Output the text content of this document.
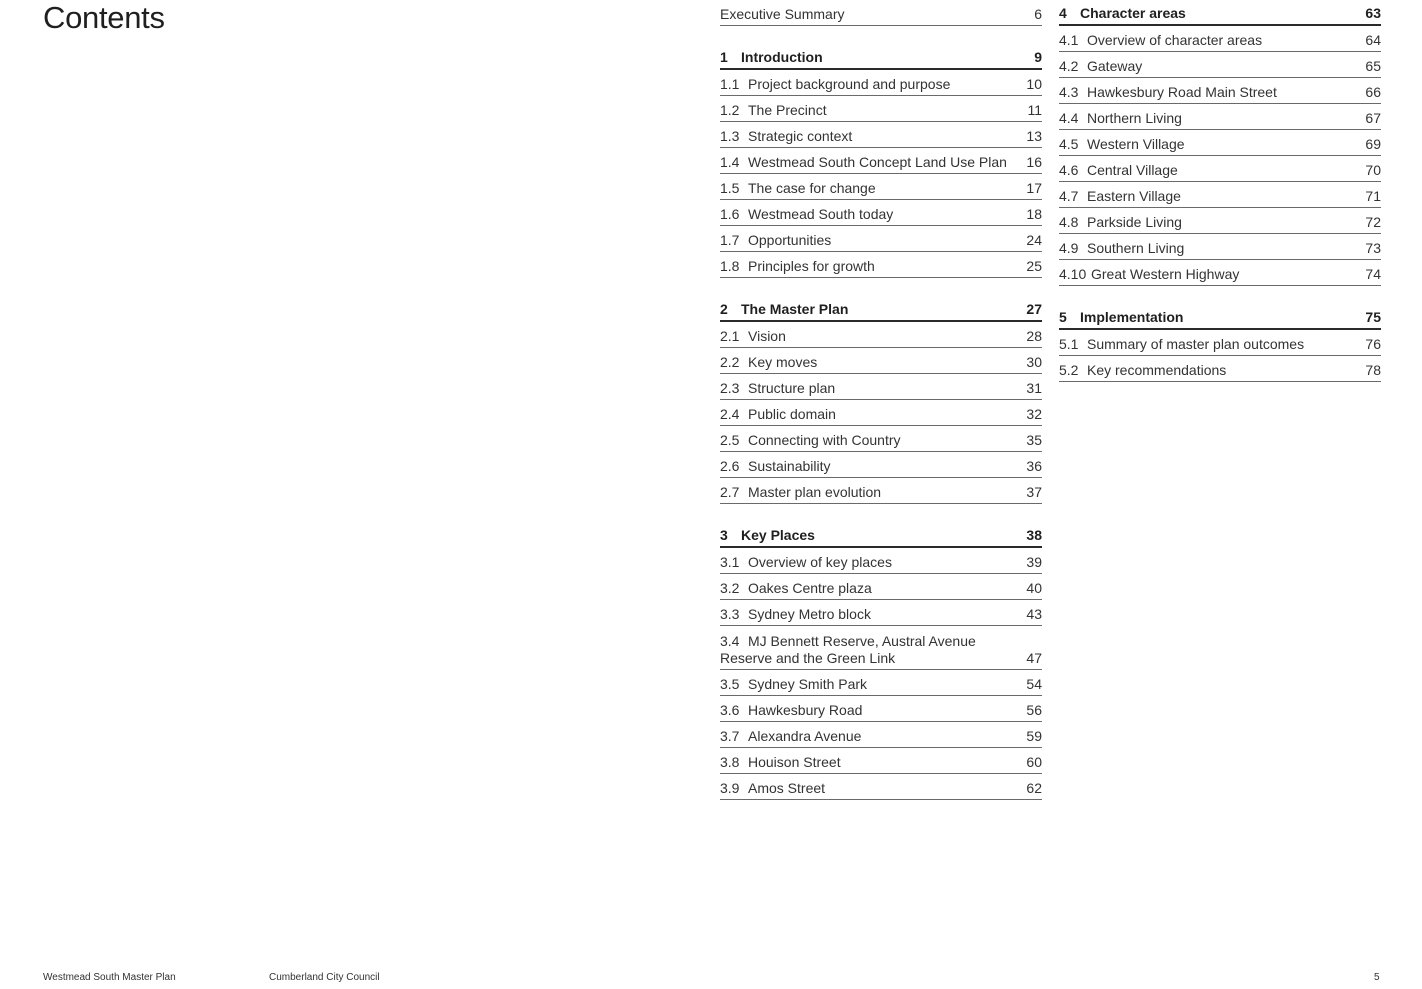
Contents	Executive Summary	6
1 Introduction	9
1.1 Project background and purpose	10
1.2 The Precinct	11
1.3 Strategic context	13
1.4 Westmead South Concept Land Use Plan	16
1.5 The case for change	17
1.6 Westmead South today	18
1.7 Opportunities	24
1.8 Principles for growth	25
2 The Master Plan	27
2.1 Vision	28
2.2 Key moves	30
2.3 Structure plan	31
2.4 Public domain	32
2.5 Connecting with Country	35
2.6 Sustainability	36
2.7 Master plan evolution	37
3 Key Places	38
3.1 Overview of key places	39
3.2 Oakes Centre plaza	40
3.3 Sydney Metro block	43
3.4 MJ Bennett Reserve, Austral Avenue Reserve and the Green Link	47
3.5 Sydney Smith Park	54
3.6 Hawkesbury Road	56
3.7 Alexandra Avenue	59
3.8 Houison Street	60
3.9 Amos Street	62
4 Character areas	63
4.1 Overview of character areas	64
4.2 Gateway	65
4.3 Hawkesbury Road Main Street	66
4.4 Northern Living	67
4.5 Western Village	69
4.6 Central Village	70
4.7 Eastern Village	71
4.8 Parkside Living	72
4.9 Southern Living	73
4.10 Great Western Highway	74
5 Implementation	75
5.1 Summary of master plan outcomes	76
5.2 Key recommendations	78
Westmead South Master Plan	Cumberland City Council	5
